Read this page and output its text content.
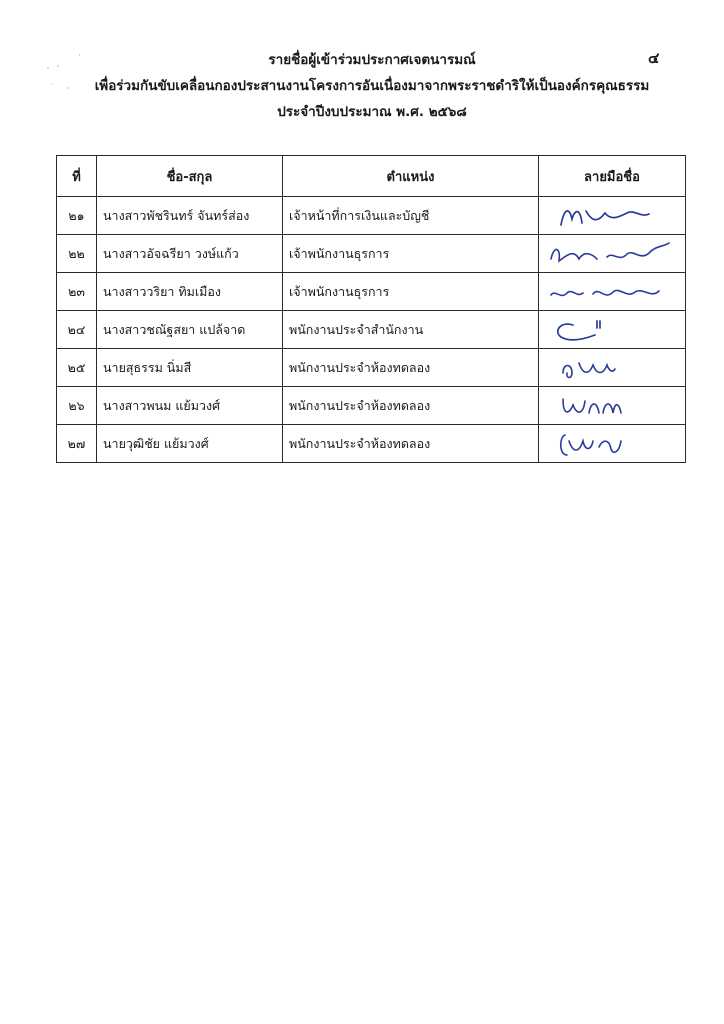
๔
รายชื่อผู้เข้าร่วมประกาศเจตนารมณ์
เพื่อร่วมกันขับเคลื่อนกองประสานงานโครงการอันเนื่องมาจากพระราชดำริให้เป็นองค์กรคุณธรรม
ประจำปีงบประมาณ พ.ศ. ๒๕๖๘
ที่	ชื่อ-สกุล	ตำแหน่ง	ลายมือชื่อ
๒๑	นางสาวพัชรินทร์ จันทร์ส่อง	เจ้าหน้าที่การเงินและบัญชี	

๒๒	นางสาวอัจฉรียา วงษ์แก้ว	เจ้าพนักงานธุรการ	

๒๓	นางสาววริยา ทิมเมือง	เจ้าพนักงานธุรการ	

๒๔	นางสาวชณัฐสยา แปล้จาด	พนักงานประจำสำนักงาน	

๒๕	นายสุธรรม นิ่มสี	พนักงานประจำห้องทดลอง	

๒๖	นางสาวพนม แย้มวงศ์	พนักงานประจำห้องทดลอง	

๒๗	นายวุฒิชัย แย้มวงศ์	พนักงานประจำห้องทดลอง	
